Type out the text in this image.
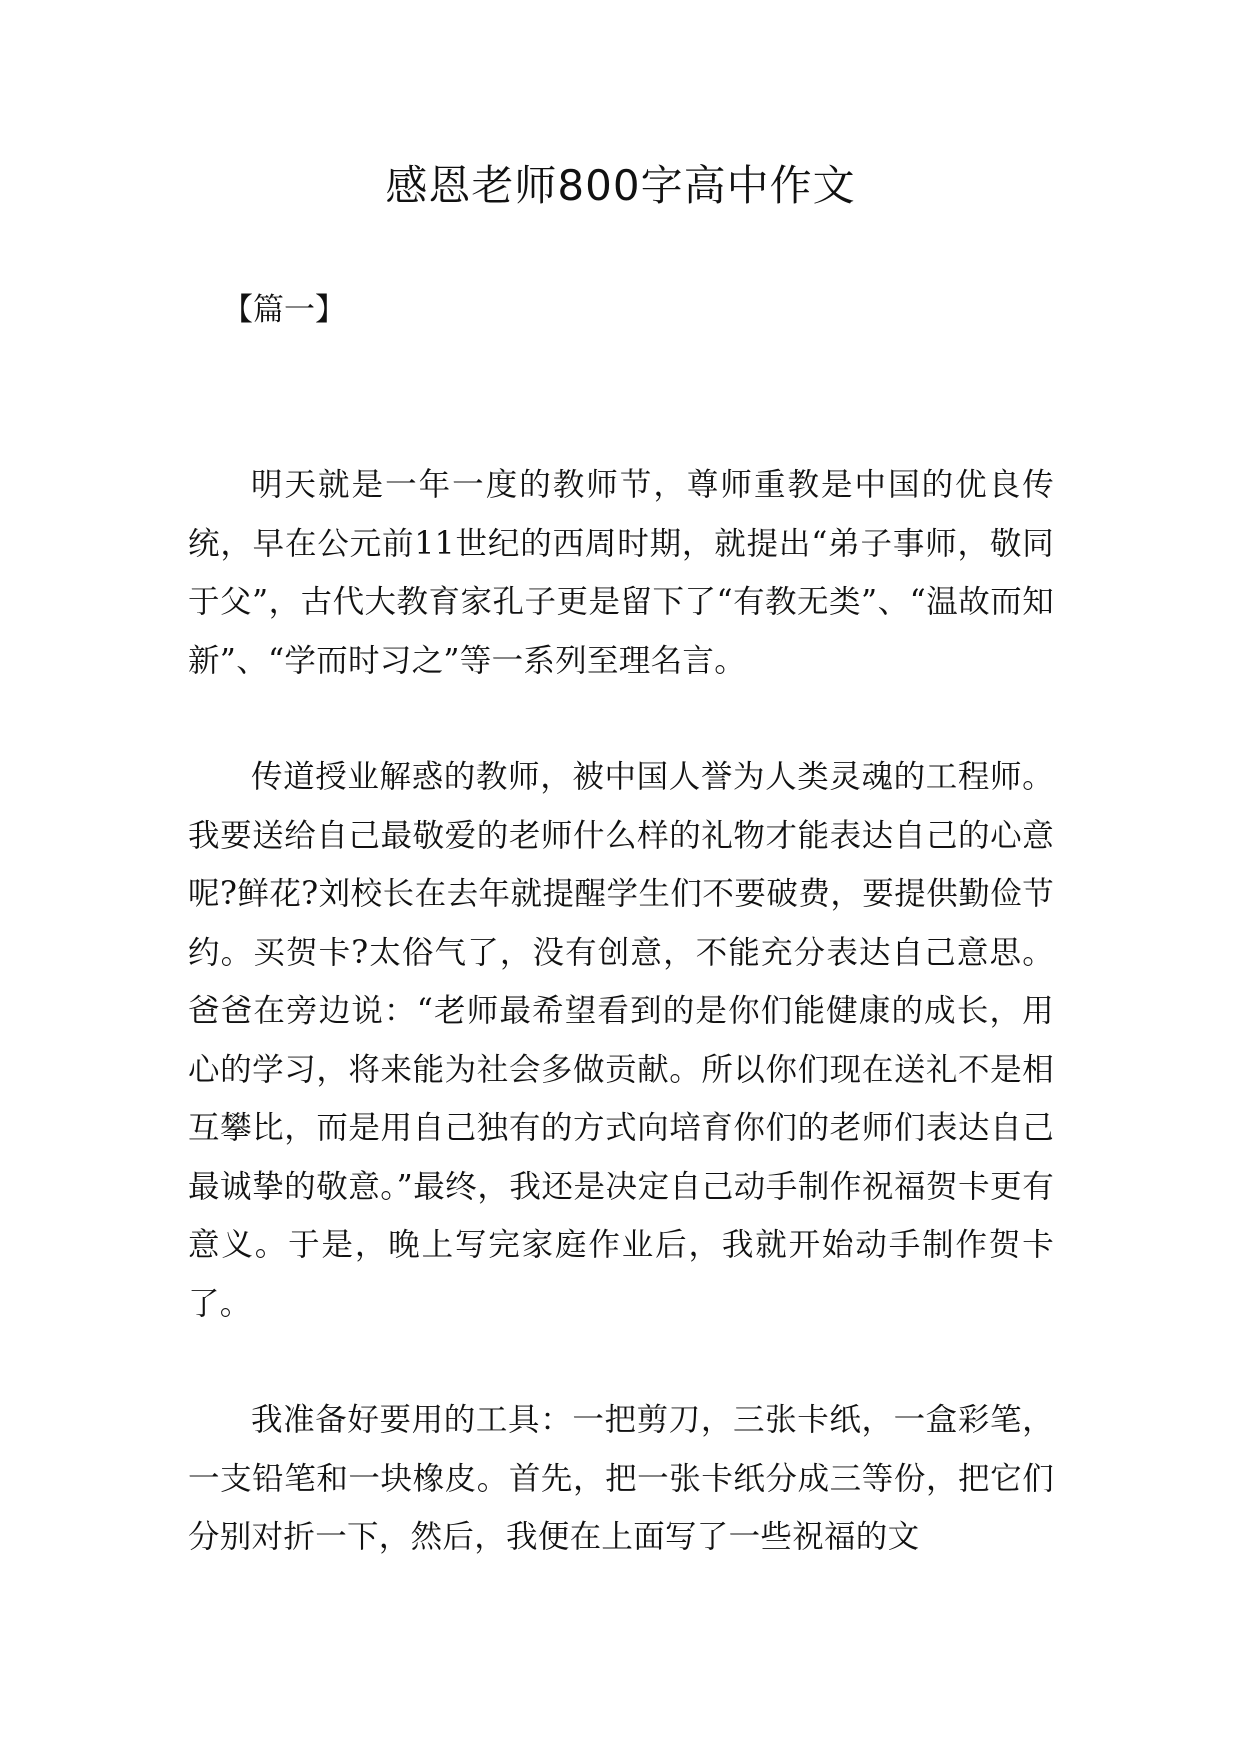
感恩老师800字高中作文

【篇一】

明天就是一年一度的教师节，尊师重教是中国的优良传统，早在公元前11世纪的西周时期，就提出“弟子事师，敬同于父”，古代大教育家孔子更是留下了“有教无类”、“温故而知新”、“学而时习之”等一系列至理名言。

传道授业解惑的教师，被中国人誉为人类灵魂的工程师。我要送给自己最敬爱的老师什么样的礼物才能表达自己的心意呢?鲜花?刘校长在去年就提醒学生们不要破费，要提供勤俭节约。买贺卡?太俗气了，没有创意，不能充分表达自己意思。爸爸在旁边说：“老师最希望看到的是你们能健康的成长，用心的学习，将来能为社会多做贡献。所以你们现在送礼不是相互攀比，而是用自己独有的方式向培育你们的老师们表达自己最诚挚的敬意。”最终，我还是决定自己动手制作祝福贺卡更有意义。于是，晚上写完家庭作业后，我就开始动手制作贺卡了。

我准备好要用的工具：一把剪刀，三张卡纸，一盒彩笔，一支铅笔和一块橡皮。首先，把一张卡纸分成三等份，把它们分别对折一下，然后，我便在上面写了一些祝福的文
